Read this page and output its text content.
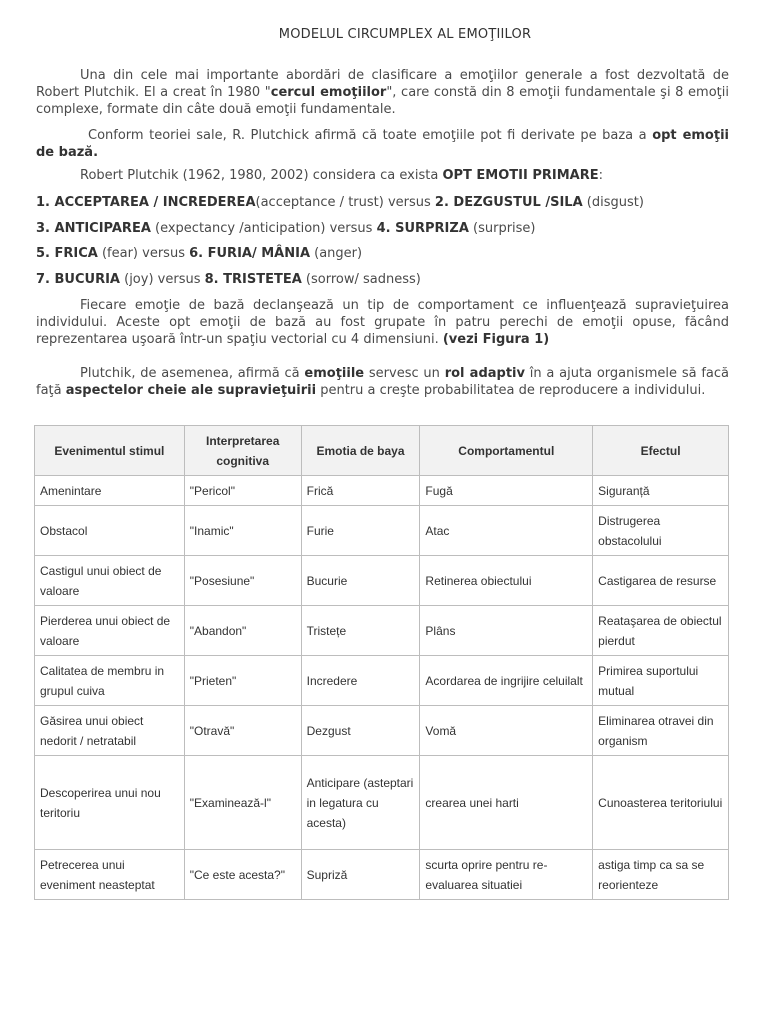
MODELUL CIRCUMPLEX AL EMOŢIILOR
Una din cele mai importante abordări de clasificare a emoţiilor generale a fost dezvoltată de Robert Plutchik. El a creat în 1980 "cercul emoţiilor", care constă din 8 emoţii fundamentale şi 8 emoţii complexe, formate din câte două emoţii fundamentale.
Conform teoriei sale, R. Plutchick afirmă că toate emoţiile pot fi derivate pe baza a opt emoţii de bază.
Robert Plutchik (1962, 1980, 2002) considera ca exista OPT EMOTII PRIMARE:
1. ACCEPTAREA / INCREDEREA(acceptance / trust) versus 2. DEZGUSTUL /SILA (disgust)
3. ANTICIPAREA (expectancy /anticipation) versus 4. SURPRIZA (surprise)
5. FRICA (fear) versus 6. FURIA/ MÂNIA (anger)
7. BUCURIA (joy) versus 8. TRISTETEA (sorrow/ sadness)
Fiecare emoţie de bază declanşează un tip de comportament ce influenţează supravieţuirea individului. Aceste opt emoţii de bază au fost grupate în patru perechi de emoţii opuse, făcând reprezentarea uşoară într-un spaţiu vectorial cu 4 dimensiuni. (vezi Figura 1)
Plutchik, de asemenea, afirmă că emoţiile servesc un rol adaptiv în a ajuta organismele să facă faţă aspectelor cheie ale supravieţuirii pentru a creşte probabilitatea de reproducere a individului.
Evenimentul stimul	Interpretarea cognitiva	Emotia de baya	Comportamentul	Efectul
Amenintare	"Pericol"	Frică	Fugă	Siguranță
Obstacol	"Inamic"	Furie	Atac	Distrugerea obstacolului
Castigul unui obiect de valoare	"Posesiune"	Bucurie	Retinerea obiectului	Castigarea de resurse
Pierderea unui obiect de valoare	"Abandon"	Tristețe	Plâns	Reataşarea de obiectul pierdut
Calitatea de membru in grupul cuiva	"Prieten"	Incredere	Acordarea de ingrijire celuilalt	Primirea suportului mutual
Găsirea unui obiect nedorit / netratabil	"Otravă"	Dezgust	Vomă	Eliminarea otravei din organism
Descoperirea unui nou teritoriu	"Examinează-l"	Anticipare (asteptari in legatura cu acesta)	crearea unei harti	Cunoasterea teritoriului
Petrecerea unui eveniment neasteptat	"Ce este acesta?"	Supriză	scurta oprire pentru re-evaluarea situatiei	astiga timp ca sa se reorienteze
